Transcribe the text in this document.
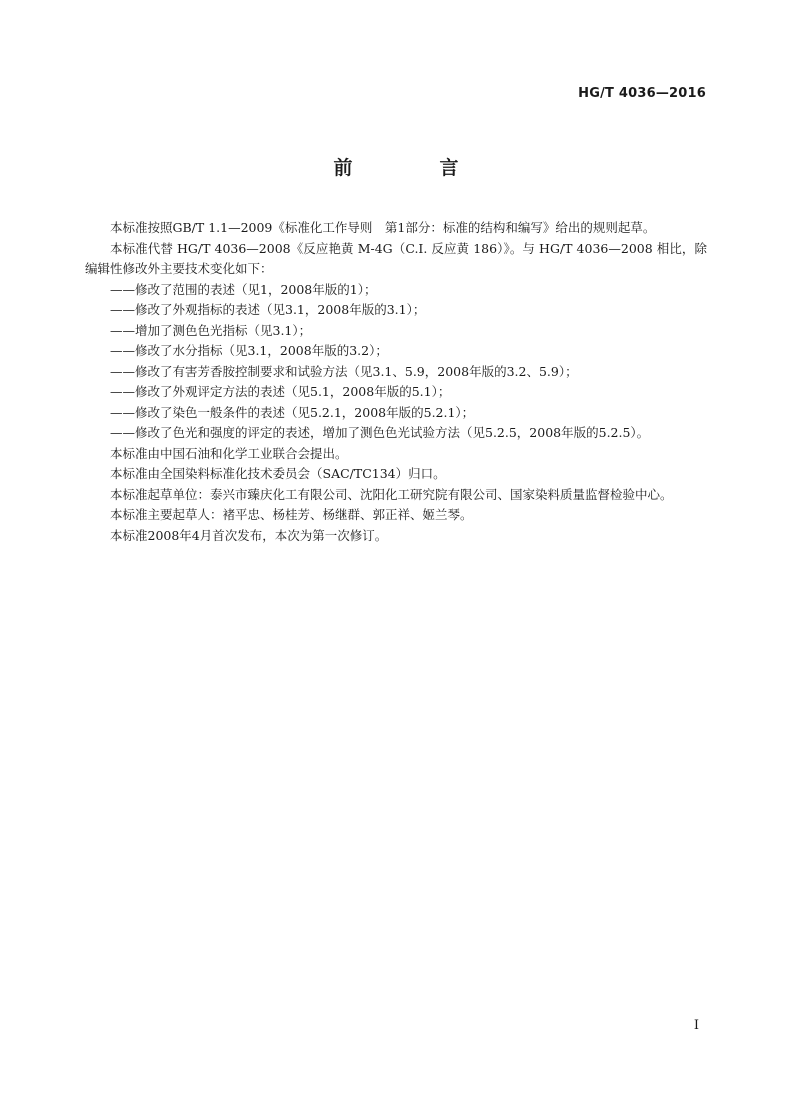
HG/T 4036—2016
前　言

本标准按照GB/T 1.1—2009《标准化工作导则　第1部分：标准的结构和编写》给出的规则起草。

本标准代替 HG/T 4036—2008《反应艳黄 M-4G（C.I. 反应黄 186）》。与 HG/T 4036—2008 相比，除编辑性修改外主要技术变化如下：

——修改了范围的表述（见1，2008年版的1）；

——修改了外观指标的表述（见3.1，2008年版的3.1）；

——增加了测色色光指标（见3.1）；

——修改了水分指标（见3.1，2008年版的3.2）；

——修改了有害芳香胺控制要求和试验方法（见3.1、5.9，2008年版的3.2、5.9）；

——修改了外观评定方法的表述（见5.1，2008年版的5.1）；

——修改了染色一般条件的表述（见5.2.1，2008年版的5.2.1）；

——修改了色光和强度的评定的表述，增加了测色色光试验方法（见5.2.5，2008年版的5.2.5）。

本标准由中国石油和化学工业联合会提出。

本标准由全国染料标准化技术委员会（SAC/TC134）归口。

本标准起草单位：泰兴市臻庆化工有限公司、沈阳化工研究院有限公司、国家染料质量监督检验中心。

本标准主要起草人：褚平忠、杨桂芳、杨继群、郭正祥、姬兰琴。

本标准2008年4月首次发布，本次为第一次修订。

I
